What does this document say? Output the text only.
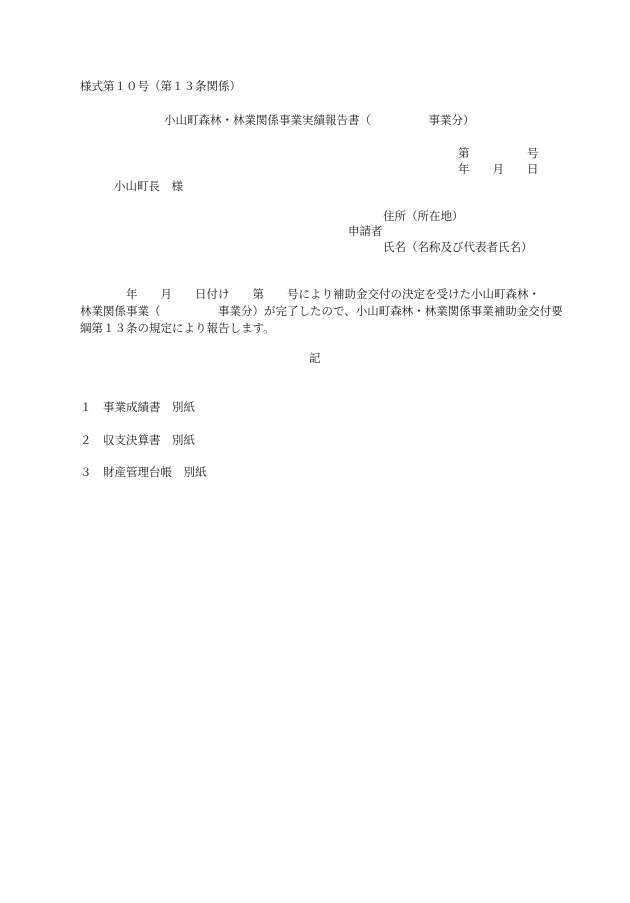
様式第１０号（第１３条関係）
小山町森林・林業関係事業実績報告書（　　　　　事業分）
第　　　　　号
年　　月　　日
小山町長　様
住所（所在地）
申請者
氏名（名称及び代表者氏名）
　　　　年　　月　　日付け　　第　　号により補助金交付の決定を受けた小山町森林・
林業関係事業（　　　　　事業分）が完了したので、小山町森林・林業関係事業補助金交付要
綱第１３条の規定により報告します。
記
１　事業成績書　別紙
２　収支決算書　別紙
３　財産管理台帳　別紙
